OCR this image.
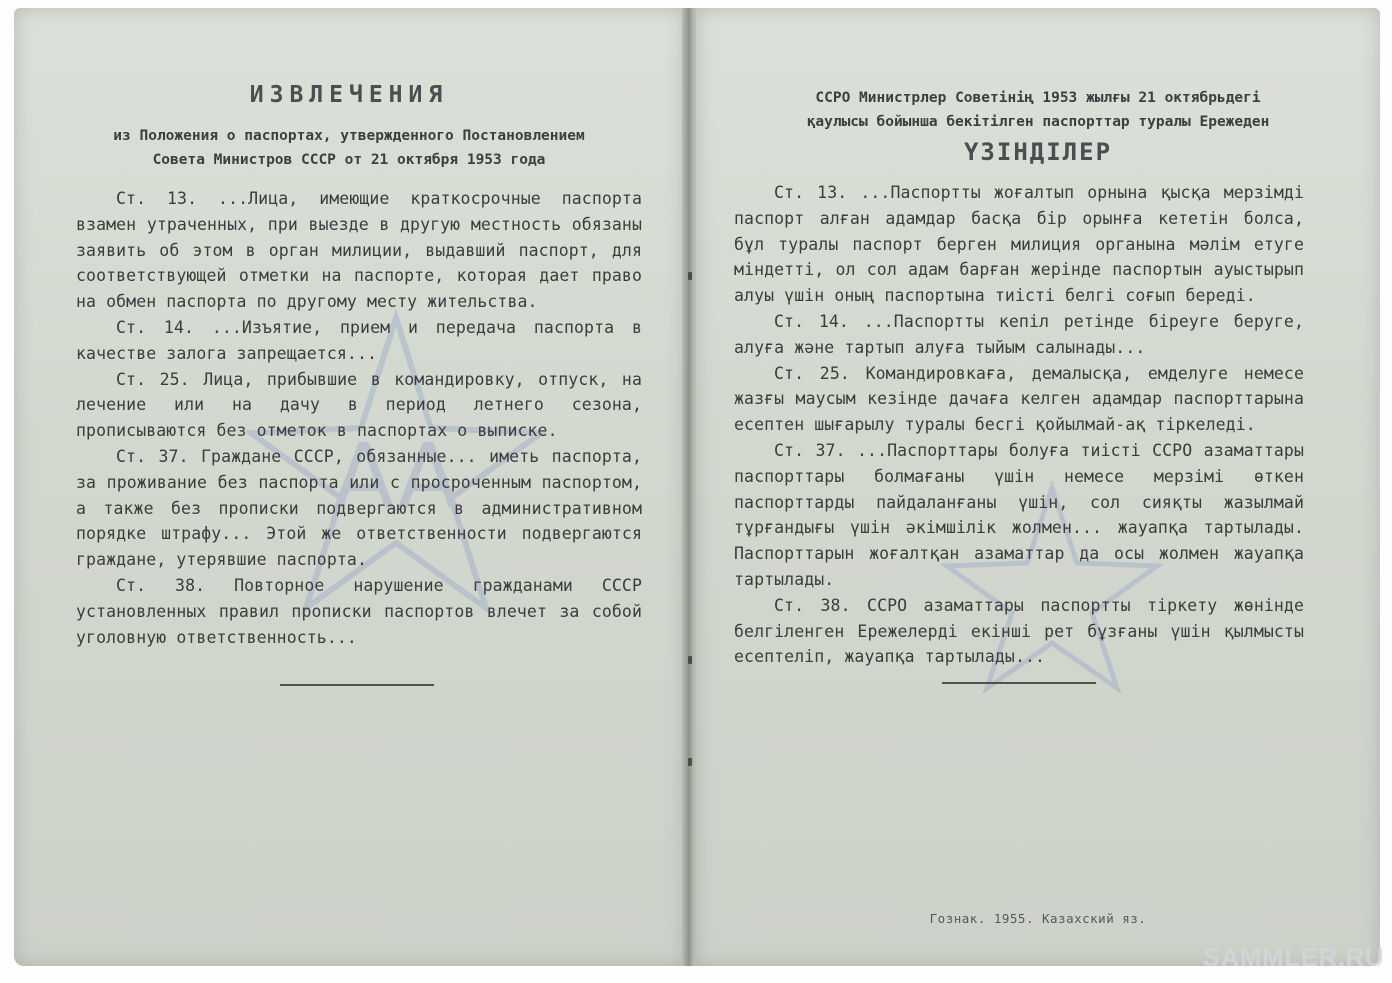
AA
ИЗВЛЕЧЕНИЯ
из Положения о паспортах, утвержденного Постановлением
Совета Министров СССР от 21 октября 1953 года

Ст. 13. ...Лица, имеющие краткосрочные паспорта взамен утраченных, при выезде в другую местность обязаны заявить об этом в орган милиции, выдавший паспорт, для соответствующей отметки на паспорте, которая дает право на обмен паспорта по другому месту жительства.

Ст. 14. ...Изъятие, прием и передача паспорта в качестве залога запрещается...

Ст. 25. Лица, прибывшие в командировку, отпуск, на лечение или на дачу в период летнего сезона, прописываются без отметок в паспортах о выписке.

Ст. 37. Граждане СССР, обязанные... иметь паспорта, за проживание без паспорта или с просроченным паспортом, а также без прописки подвергаются в административном порядке штрафу... Этой же ответственности подвергаются граждане, утерявшие паспорта.

Ст. 38. Повторное нарушение гражданами СССР установленных правил прописки паспортов влечет за собой уголовную ответственность...

ССРО Министрлер Советінің 1953 жылғы 21 октябрьдегі
қаулысы бойынша бекітілген паспорттар туралы Ережеден
ҮЗІНДІЛЕР

Ст. 13. ...Паспортты жоғалтып орнына қысқа мерзімді паспорт алған адамдар басқа бір орынға кететін болса, бұл туралы паспорт берген милиция органына мәлім етуге міндетті, ол сол адам барған жерінде паспортын ауыстырып алуы үшін оның паспортына тиісті белгі соғып береді.

Ст. 14. ...Паспортты кепіл ретінде біреуге беруге, алуға және тартып алуға тыйым салынады...

Ст. 25. Командировкаға, демалысқа, емделуге немесе жазғы маусым кезінде дачаға келген адамдар паспорттарына есептен шығарылу туралы бесгі қойылмай-ақ тіркеледі.

Ст. 37. ...Паспорттары болуға тиісті ССРО азаматтары паспорттары болмағаны үшін немесе мерзімі өткен паспорттарды пайдаланғаны үшін, сол сияқты жазылмай тұрғандығы үшін әкімшілік жолмен... жауапқа тартылады. Паспорттарын жоғалтқан азаматтар да осы жолмен жауапқа тартылады.

Ст. 38. ССРО азаматтары паспортты тіркету жөнінде белгіленген Ережелерді екінші рет бұзғаны үшін қылмысты есептеліп, жауапқа тартылады...

Гознак. 1955. Казахский яз.
SAMMLER.RU
